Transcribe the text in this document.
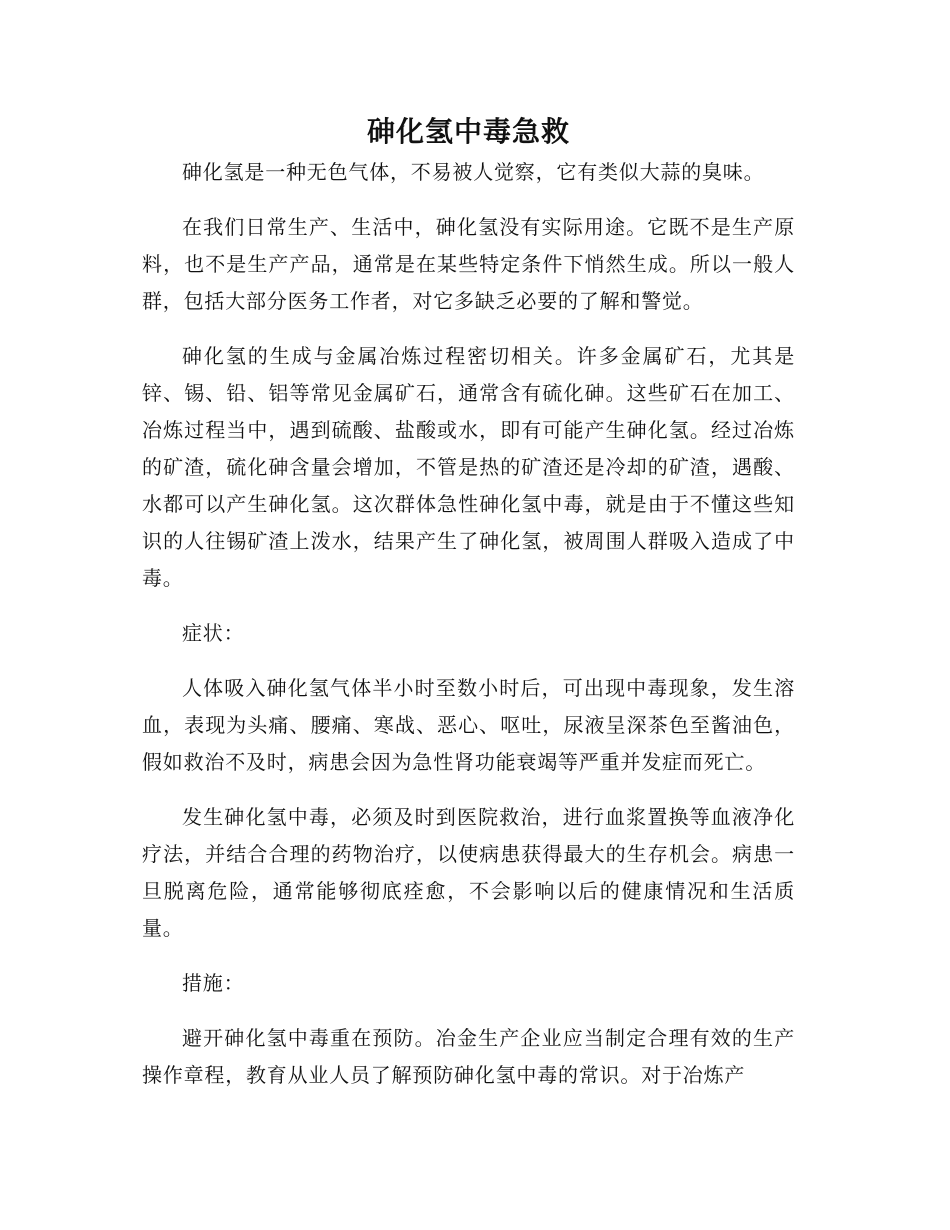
砷化氢中毒急救

砷化氢是一种无色气体，不易被人觉察，它有类似大蒜的臭味。

在我们日常生产、生活中，砷化氢没有实际用途。它既不是生产原料，也不是生产产品，通常是在某些特定条件下悄然生成。所以一般人群，包括大部分医务工作者，对它多缺乏必要的了解和警觉。

砷化氢的生成与金属冶炼过程密切相关。许多金属矿石，尤其是锌、锡、铅、铝等常见金属矿石，通常含有硫化砷。这些矿石在加工、冶炼过程当中，遇到硫酸、盐酸或水，即有可能产生砷化氢。经过冶炼的矿渣，硫化砷含量会增加，不管是热的矿渣还是冷却的矿渣，遇酸、水都可以产生砷化氢。这次群体急性砷化氢中毒，就是由于不懂这些知识的人往锡矿渣上泼水，结果产生了砷化氢，被周围人群吸入造成了中毒。

症状：

人体吸入砷化氢气体半小时至数小时后，可出现中毒现象，发生溶血，表现为头痛、腰痛、寒战、恶心、呕吐，尿液呈深茶色至酱油色，假如救治不及时，病患会因为急性肾功能衰竭等严重并发症而死亡。

发生砷化氢中毒，必须及时到医院救治，进行血浆置换等血液净化疗法，并结合合理的药物治疗，以使病患获得最大的生存机会。病患一旦脱离危险，通常能够彻底痊愈，不会影响以后的健康情况和生活质量。

措施：

避开砷化氢中毒重在预防。冶金生产企业应当制定合理有效的生产操作章程，教育从业人员了解预防砷化氢中毒的常识。对于冶炼产
